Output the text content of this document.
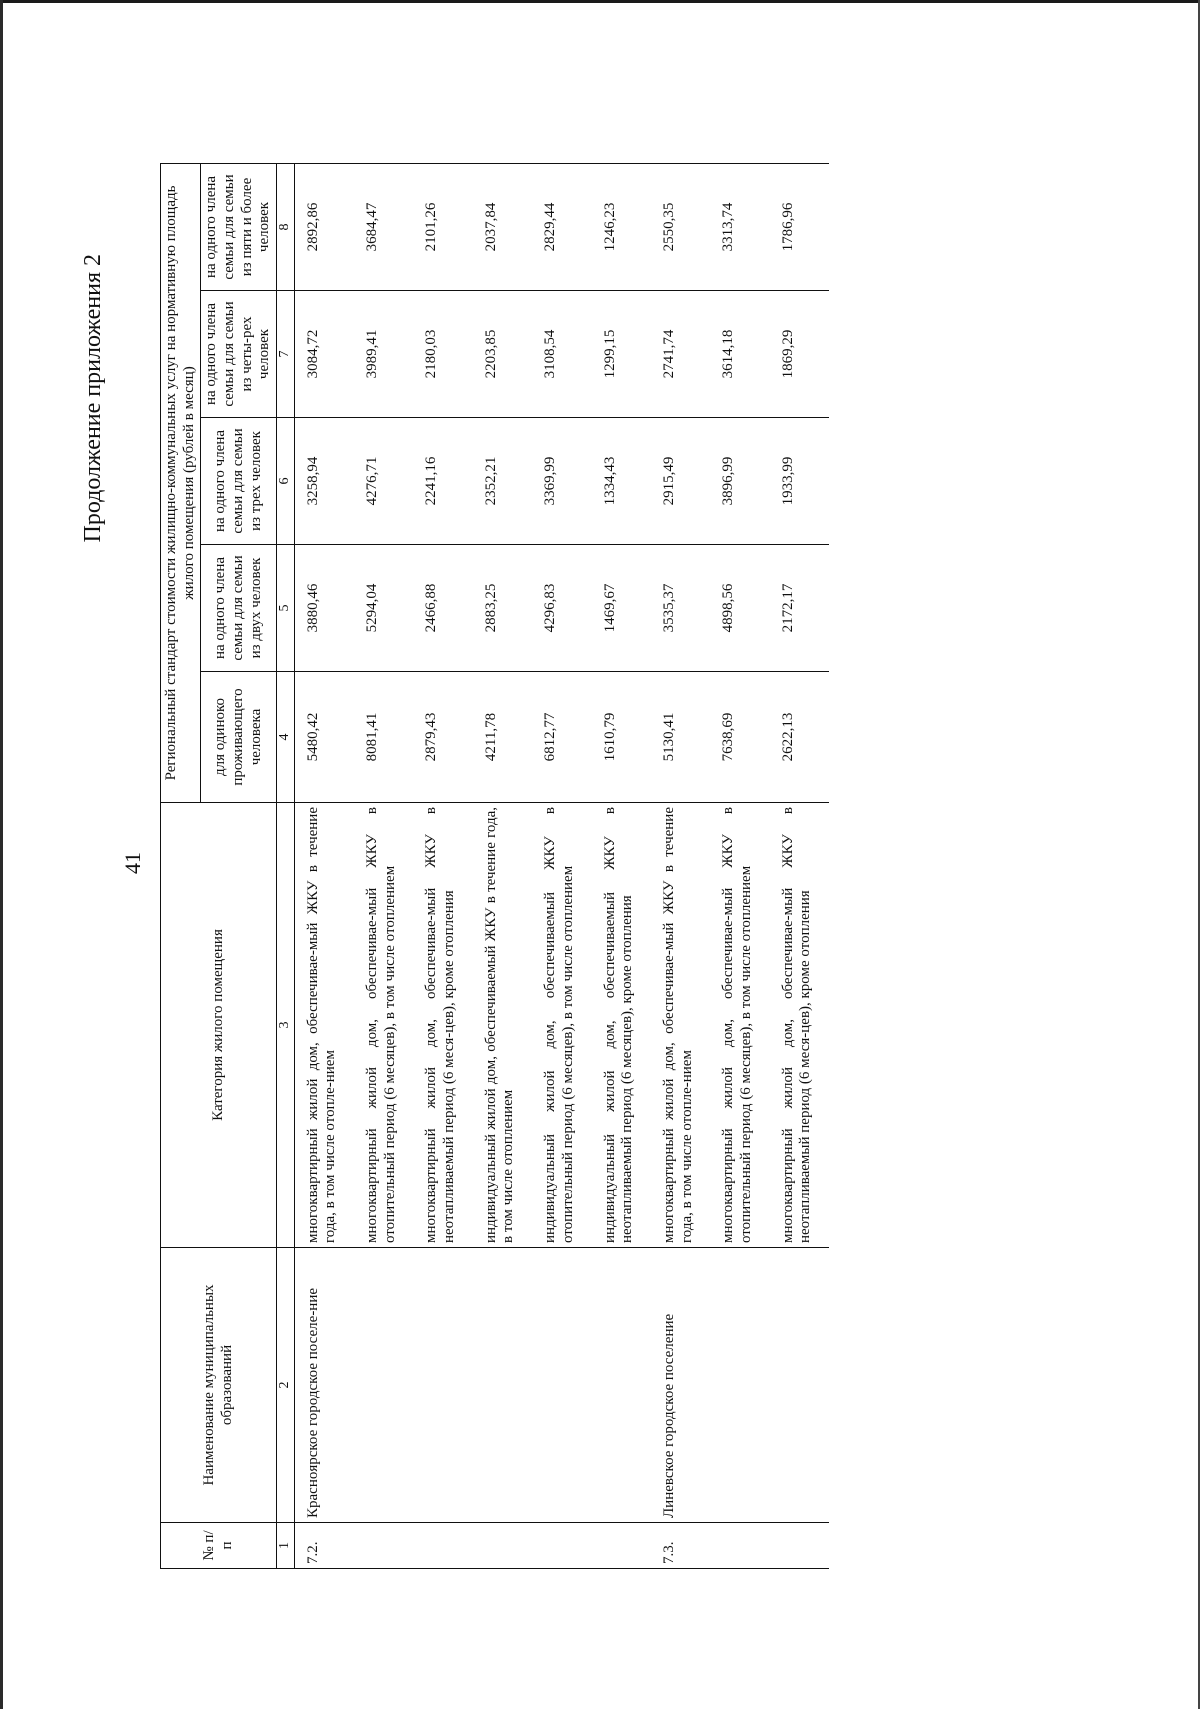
41
Продолжение приложения 2
№ п/п	Наименование муниципальных образований	Категория жилого помещения	Региональный стандарт стоимости жилищно-коммунальных услуг на нормативную площадь жилого помещения (рублей в месяц)				
			для одиноко проживающего человека	на одного члена семьи для семьи из двух человек	на одного члена семьи для семьи из трех человек	на одного члена семьи для семьи из четы-рех человек	на одного члена семьи для семьи из пяти и более человек
1	2	3	4	5	6	7	8
7.2.	Краснoярское городское поселе-ние	многоквартирный жилой дом, обеспечивае-мый ЖКУ в течение года, в том числе отопле-нием	5480,42	3880,46	3258,94	3084,72	2892,86
		многоквартирный жилой дом, обеспечивае-мый ЖКУ в отопительный период (6 месяцев), в том числе отоплением	8081,41	5294,04	4276,71	3989,41	3684,47
		многоквартирный жилой дом, обеспечивае-мый ЖКУ в неотапливаемый период (6 меся-цев), кроме отопления	2879,43	2466,88	2241,16	2180,03	2101,26
		индивидуальный жилой дом, обеспечиваемый ЖКУ в течение года, в том числе отоплением	4211,78	2883,25	2352,21	2203,85	2037,84
		индивидуальный жилой дом, обеспечиваемый ЖКУ в отопительный период (6 месяцев), в том числе отоплением	6812,77	4296,83	3369,99	3108,54	2829,44
		индивидуальный жилой дом, обеспечиваемый ЖКУ в неотапливаемый период (6 месяцев), кроме отопления	1610,79	1469,67	1334,43	1299,15	1246,23
7.3.	Линевское городское поселение	многоквартирный жилой дом, обеспечивае-мый ЖКУ в течение года, в том числе отопле-нием	5130,41	3535,37	2915,49	2741,74	2550,35
		многоквартирный жилой дом, обеспечивае-мый ЖКУ в отопительный период (6 месяцев), в том числе отоплением	7638,69	4898,56	3896,99	3614,18	3313,74
		многоквартирный жилой дом, обеспечивае-мый ЖКУ в неотапливаемый период (6 меся-цев), кроме отопления	2622,13	2172,17	1933,99	1869,29	1786,96
